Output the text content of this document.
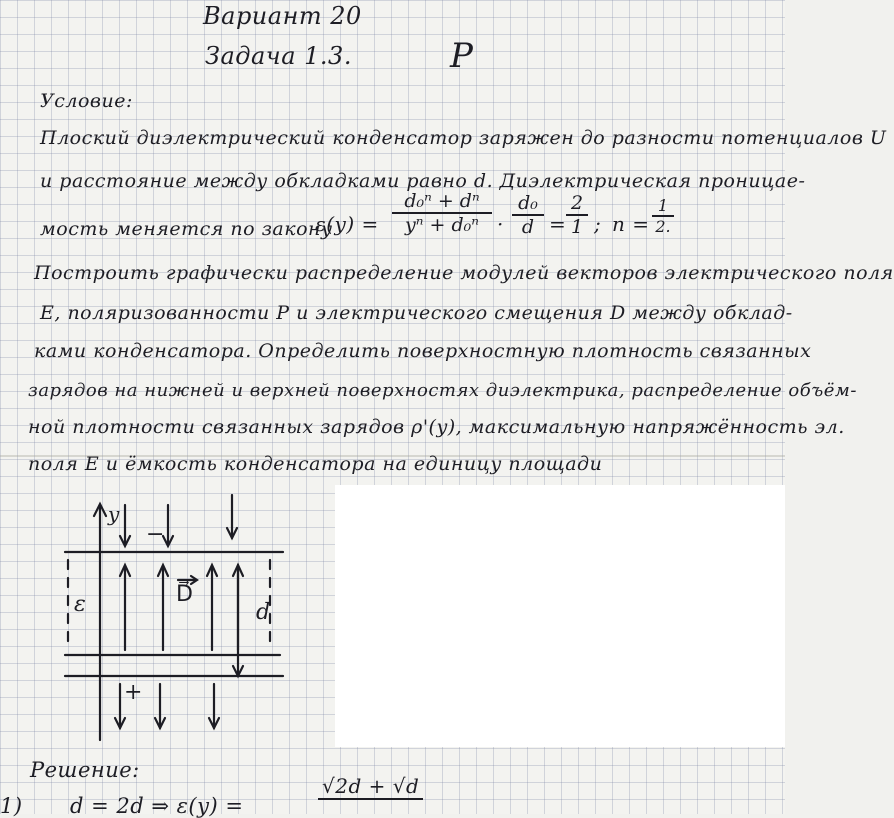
Вариант 20
Задача 1.3.	P
Условие:
Плоский диэлектрический конденсатор заряжен до разности потенциалов U
и расстояние между обкладками равно d. Диэлектрическая проницае-
мость меняется по закону
$\varepsilon(y) = \frac{\text{d₀ⁿ + dⁿ}}{\text{yⁿ + d₀ⁿ}} \cdot \frac{\text{d₀}}{d} = \frac{2}{1}$ ; $n = \frac{1}{2.}$
Построить графически распределение модулей векторов электрического поля
E, поляризованности P и электрического смещения D между обклад-
ками конденсатора. Определить поверхностную плотность связанных
зарядов на нижней и верхней поверхностях диэлектрика, распределение объём-
ной плотности связанных зарядов ρ'(y), максимальную напряжённость эл.
поля E и ёмкость конденсатора на единицу площади
y
−
+
D⃗
ε	d
Решение:
1) d = 2d ⇒ ε(y) =
√2d + √d
